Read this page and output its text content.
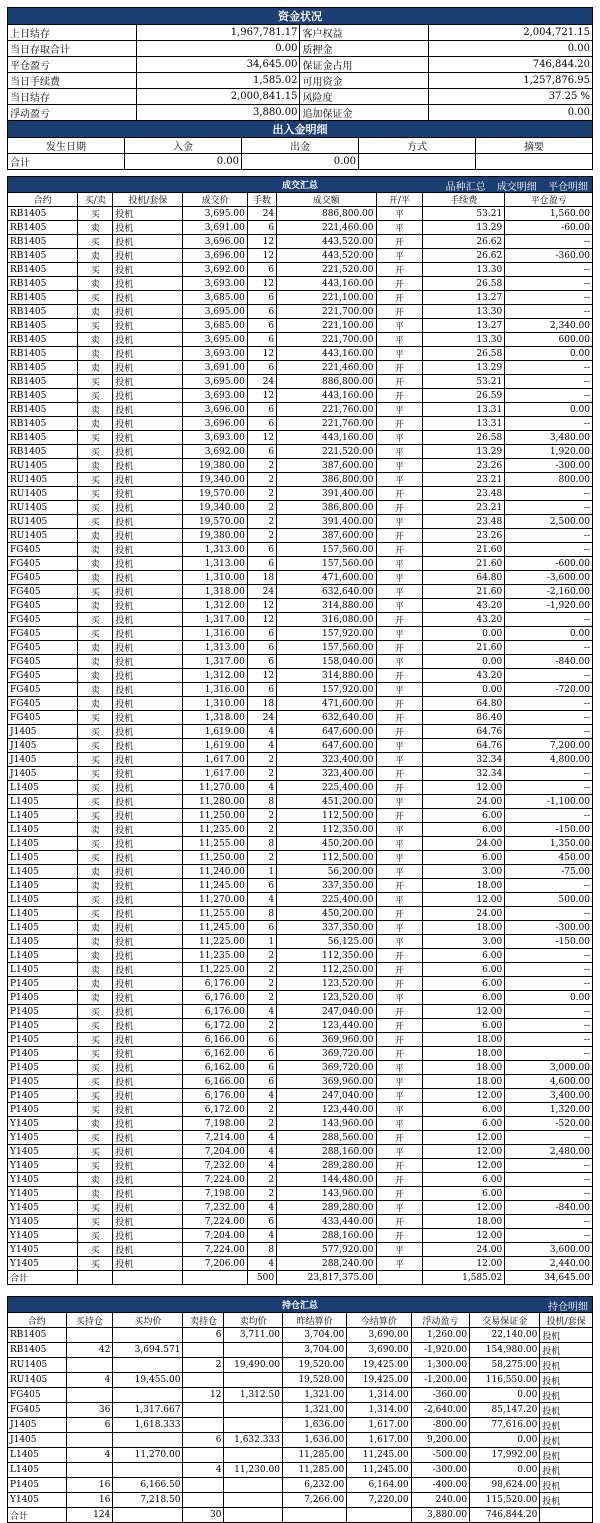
资金状况			
上日结存	1,967,781.17	客户权益	2,004,721.15
当日存取合计	0.00	质押金	0.00
平仓盈亏	34,645.00	保证金占用	746,844.20
当日手续费	1,585.02	可用资金	1,257,876.95
当日结存	2,000,841.15	风险度	37.25 %
浮动盈亏	3,880.00	追加保证金	0.00
出入金明细				
发生日期	入金	出金	方式	摘要
合计	0.00	0.00		
成交汇总 品种汇总 成交明细 平仓明细								

合约	买/卖	投机/套保	成交价	手数	成交额	开/平	手续费	平仓盈亏
RB1405	买	投机	3,695.00	24	886,800.00	平	53.21	1,560.00
RB1405	卖	投机	3,691.00	6	221,460.00	平	13.29	-60.00
RB1405	买	投机	3,696.00	12	443,520.00	开	26.62	--
RB1405	卖	投机	3,696.00	12	443,520.00	平	26.62	-360.00
RB1405	买	投机	3,692.00	6	221,520.00	开	13.30	--
RB1405	卖	投机	3,693.00	12	443,160.00	开	26.58	--
RB1405	买	投机	3,685.00	6	221,100.00	开	13.27	--
RB1405	卖	投机	3,695.00	6	221,700.00	开	13.30	--
RB1405	买	投机	3,685.00	6	221,100.00	平	13.27	2,340.00
RB1405	卖	投机	3,695.00	6	221,700.00	平	13.30	600.00
RB1405	卖	投机	3,693.00	12	443,160.00	平	26.58	0.00
RB1405	卖	投机	3,691.00	6	221,460.00	开	13.29	--
RB1405	买	投机	3,695.00	24	886,800.00	开	53.21	--
RB1405	买	投机	3,693.00	12	443,160.00	开	26.59	--
RB1405	卖	投机	3,696.00	6	221,760.00	平	13.31	0.00
RB1405	卖	投机	3,696.00	6	221,760.00	开	13.31	--
RB1405	买	投机	3,693.00	12	443,160.00	平	26.58	3,480.00
RB1405	买	投机	3,692.00	6	221,520.00	平	13.29	1,920.00
RU1405	卖	投机	19,380.00	2	387,600.00	平	23.26	-300.00
RU1405	买	投机	19,340.00	2	386,800.00	平	23.21	800.00
RU1405	买	投机	19,570.00	2	391,400.00	开	23.48	--
RU1405	买	投机	19,340.00	2	386,800.00	开	23.21	--
RU1405	买	投机	19,570.00	2	391,400.00	平	23.48	2,500.00
RU1405	卖	投机	19,380.00	2	387,600.00	开	23.26	--
FG405	卖	投机	1,313.00	6	157,560.00	开	21.60	--
FG405	卖	投机	1,313.00	6	157,560.00	平	21.60	-600.00
FG405	卖	投机	1,310.00	18	471,600.00	平	64.80	-3,600.00
FG405	买	投机	1,318.00	24	632,640.00	平	21.60	-2,160.00
FG405	卖	投机	1,312.00	12	314,880.00	平	43.20	-1,920.00
FG405	买	投机	1,317.00	12	316,080.00	开	43.20	--
FG405	买	投机	1,316.00	6	157,920.00	平	0.00	0.00
FG405	卖	投机	1,313.00	6	157,560.00	开	21.60	--
FG405	卖	投机	1,317.00	6	158,040.00	平	0.00	-840.00
FG405	卖	投机	1,312.00	12	314,880.00	开	43.20	--
FG405	卖	投机	1,316.00	6	157,920.00	平	0.00	-720.00
FG405	卖	投机	1,310.00	18	471,600.00	开	64.80	--
FG405	买	投机	1,318.00	24	632,640.00	开	86.40	--
J1405	买	投机	1,619.00	4	647,600.00	开	64.76	--
J1405	买	投机	1,619.00	4	647,600.00	平	64.76	7,200.00
J1405	买	投机	1,617.00	2	323,400.00	平	32.34	4,800.00
J1405	买	投机	1,617.00	2	323,400.00	开	32.34	--
L1405	买	投机	11,270.00	4	225,400.00	开	12.00	--
L1405	买	投机	11,280.00	8	451,200.00	平	24.00	-1,100.00
L1405	买	投机	11,250.00	2	112,500.00	开	6.00	--
L1405	卖	投机	11,235.00	2	112,350.00	平	6.00	-150.00
L1405	买	投机	11,255.00	8	450,200.00	平	24.00	1,350.00
L1405	买	投机	11,250.00	2	112,500.00	平	6.00	450.00
L1405	卖	投机	11,240.00	1	56,200.00	平	3.00	-75.00
L1405	卖	投机	11,245.00	6	337,350.00	开	18.00	--
L1405	买	投机	11,270.00	4	225,400.00	平	12.00	500.00
L1405	买	投机	11,255.00	8	450,200.00	开	24.00	--
L1405	卖	投机	11,245.00	6	337,350.00	平	18.00	-300.00
L1405	卖	投机	11,225.00	1	56,125.00	平	3.00	-150.00
L1405	卖	投机	11,235.00	2	112,350.00	开	6.00	--
L1405	卖	投机	11,225.00	2	112,250.00	开	6.00	--
P1405	卖	投机	6,176.00	2	123,520.00	开	6.00	--
P1405	卖	投机	6,176.00	2	123,520.00	平	6.00	0.00
P1405	买	投机	6,176.00	4	247,040.00	开	12.00	--
P1405	买	投机	6,172.00	2	123,440.00	开	6.00	--
P1405	买	投机	6,166.00	6	369,960.00	开	18.00	--
P1405	买	投机	6,162.00	6	369,720.00	开	18.00	--
P1405	买	投机	6,162.00	6	369,720.00	平	18.00	3,000.00
P1405	买	投机	6,166.00	6	369,960.00	平	18.00	4,600.00
P1405	买	投机	6,176.00	4	247,040.00	平	12.00	3,400.00
P1405	买	投机	6,172.00	2	123,440.00	平	6.00	1,320.00
Y1405	卖	投机	7,198.00	2	143,960.00	平	6.00	-520.00
Y1405	买	投机	7,214.00	4	288,560.00	开	12.00	--
Y1405	买	投机	7,204.00	4	288,160.00	平	12.00	2,480.00
Y1405	买	投机	7,232.00	4	289,280.00	开	12.00	--
Y1405	卖	投机	7,224.00	2	144,480.00	开	6.00	--
Y1405	卖	投机	7,198.00	2	143,960.00	开	6.00	--
Y1405	买	投机	7,232.00	4	289,280.00	平	12.00	-840.00
Y1405	买	投机	7,224.00	6	433,440.00	开	18.00	--
Y1405	买	投机	7,204.00	4	288,160.00	开	12.00	--
Y1405	买	投机	7,224.00	8	577,920.00	平	24.00	3,600.00
Y1405	买	投机	7,206.00	4	288,240.00	平	12.00	2,440.00
合计				500	23,817,375.00		1,585.02	34,645.00
持仓汇总 持仓明细									

合约	买持仓	买均价	卖持仓	卖均价	昨结算价	今结算价	浮动盈亏	交易保证金	投机/套保
RB1405			6	3,711.00	3,704.00	3,690.00	1,260.00	22,140.00	投机
RB1405	42	3,694.571			3,704.00	3,690.00	-1,920.00	154,980.00	投机
RU1405			2	19,490.00	19,520.00	19,425.00	1,300.00	58,275.00	投机
RU1405	4	19,455.00			19,520.00	19,425.00	-1,200.00	116,550.00	投机
FG405			12	1,312.50	1,321.00	1,314.00	-360.00	0.00	投机
FG405	36	1,317.667			1,321.00	1,314.00	-2,640.00	85,147.20	投机
J1405	6	1,618.333			1,636.00	1,617.00	-800.00	77,616.00	投机
J1405			6	1,632.333	1,636.00	1,617.00	9,200.00	0.00	投机
L1405	4	11,270.00			11,285.00	11,245.00	-500.00	17,992.00	投机
L1405			4	11,230.00	11,285.00	11,245.00	-300.00	0.00	投机
P1405	16	6,166.50			6,232.00	6,164.00	-400.00	98,624.00	投机
Y1405	16	7,218.50			7,266.00	7,220.00	240.00	115,520.00	投机
合计	124		30				3,880.00	746,844.20	
